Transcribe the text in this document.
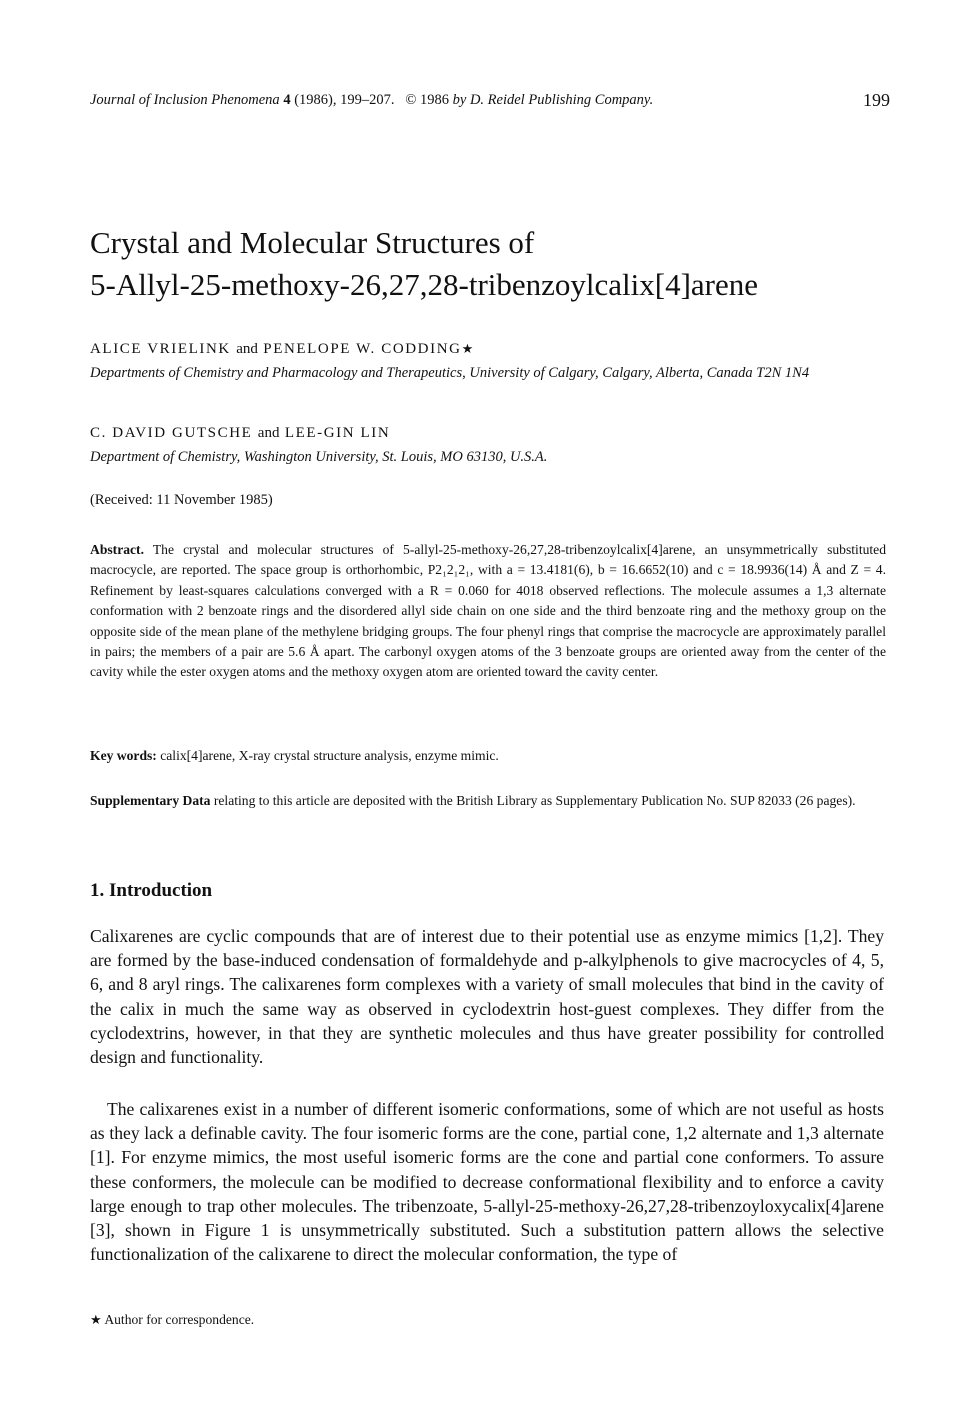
Journal of Inclusion Phenomena 4 (1986), 199–207. © 1986 by D. Reidel Publishing Company.	199
Crystal and Molecular Structures of
5-Allyl-25-methoxy-26,27,28-tribenzoylcalix[4]arene
ALICE VRIELINK and PENELOPE W. CODDING★
Departments of Chemistry and Pharmacology and Therapeutics, University of Calgary, Calgary, Alberta, Canada T2N 1N4
C. DAVID GUTSCHE and LEE-GIN LIN
Department of Chemistry, Washington University, St. Louis, MO 63130, U.S.A.
(Received: 11 November 1985)

Abstract. The crystal and molecular structures of 5-allyl-25-methoxy-26,27,28-tribenzoylcalix[4]arene, an unsymmetrically substituted macrocycle, are reported. The space group is orthorhombic, P2₁2₁2₁, with a = 13.4181(6), b = 16.6652(10) and c = 18.9936(14) Å and Z = 4. Refinement by least-squares calculations converged with a R = 0.060 for 4018 observed reflections. The molecule assumes a 1,3 alternate conformation with 2 benzoate rings and the disordered allyl side chain on one side and the third benzoate ring and the methoxy group on the opposite side of the mean plane of the methylene bridging groups. The four phenyl rings that comprise the macrocycle are approximately parallel in pairs; the members of a pair are 5.6 Å apart. The carbonyl oxygen atoms of the 3 benzoate groups are oriented away from the center of the cavity while the ester oxygen atoms and the methoxy oxygen atom are oriented toward the cavity center.

Key words: calix[4]arene, X-ray crystal structure analysis, enzyme mimic.

Supplementary Data relating to this article are deposited with the British Library as Supplementary Publication No. SUP 82033 (26 pages).

1. Introduction

Calixarenes are cyclic compounds that are of interest due to their potential use as enzyme mimics [1,2]. They are formed by the base-induced condensation of formaldehyde and p-alkylphenols to give macrocycles of 4, 5, 6, and 8 aryl rings. The calixarenes form complexes with a variety of small molecules that bind in the cavity of the calix in much the same way as observed in cyclodextrin host-guest complexes. They differ from the cyclodextrins, however, in that they are synthetic molecules and thus have greater possibility for controlled design and functionality.

The calixarenes exist in a number of different isomeric conformations, some of which are not useful as hosts as they lack a definable cavity. The four isomeric forms are the cone, partial cone, 1,2 alternate and 1,3 alternate [1]. For enzyme mimics, the most useful isomeric forms are the cone and partial cone conformers. To assure these conformers, the molecule can be modified to decrease conformational flexibility and to enforce a cavity large enough to trap other molecules. The tribenzoate, 5-allyl-25-methoxy-26,27,28-tribenzoyloxycalix[4]arene [3], shown in Figure 1 is unsymmetrically substituted. Such a substitution pattern allows the selective functionalization of the calixarene to direct the molecular conformation, the type of

★ Author for correspondence.
